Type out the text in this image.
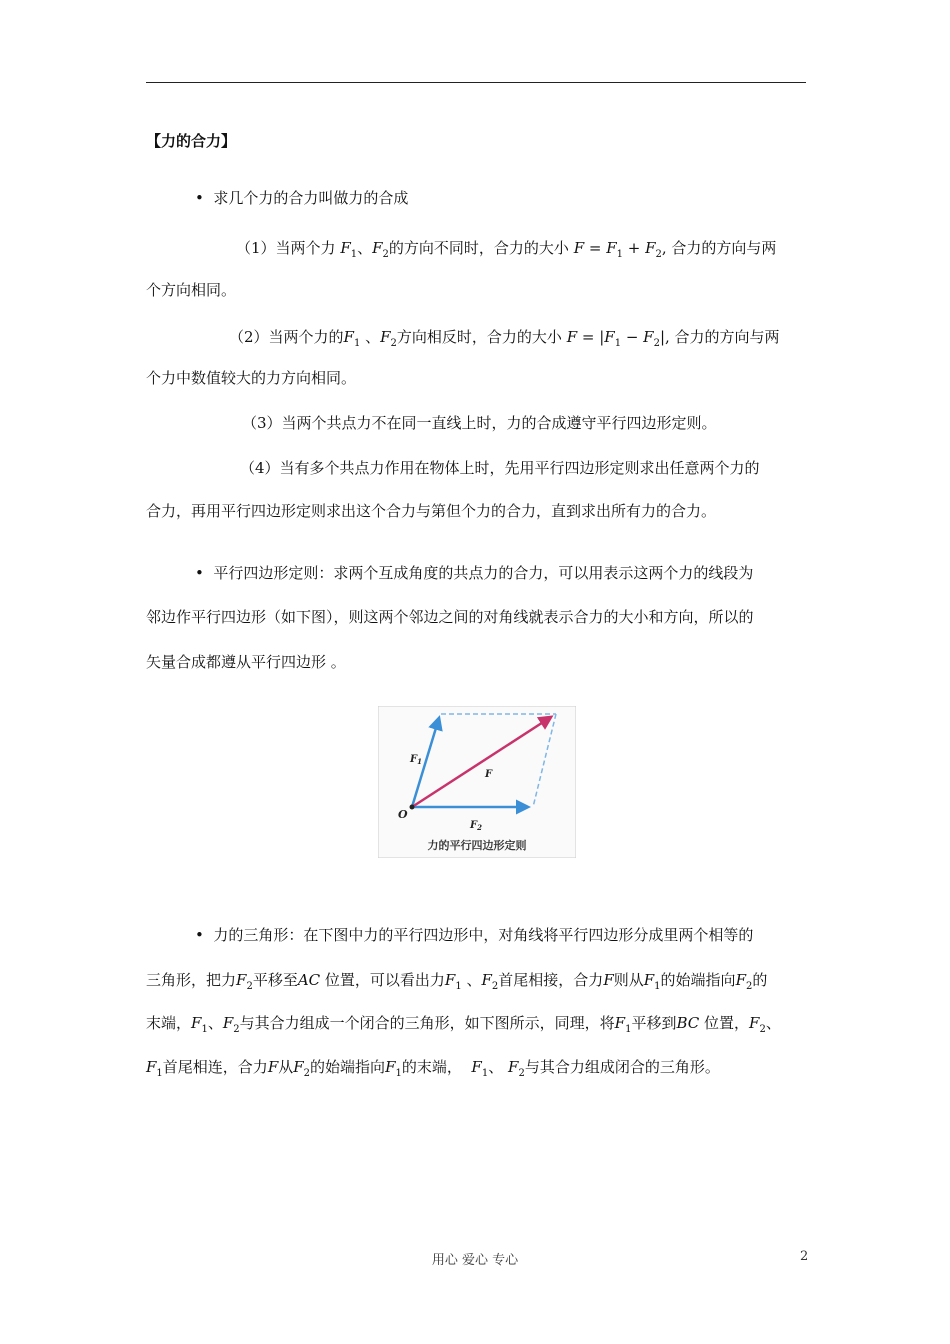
【力的合力】
•  求几个力的合力叫做力的合成
（1）当两个力 $F_1$、$F_2$的方向不同时，合力的大小 $F = F_1 + F_2$, 合力的方向与两
个方向相同。
（2）当两个力的$F_1$ 、$F_2$方向相反时，合力的大小 $F = |F_1 - F_2|$, 合力的方向与两
个力中数值较大的力方向相同。
（3）当两个共点力不在同一直线上时，力的合成遵守平行四边形定则。
（4）当有多个共点力作用在物体上时，先用平行四边形定则求出任意两个力的
合力，再用平行四边形定则求出这个合力与第但个力的合力，直到求出所有力的合力。
•  平行四边形定则：求两个互成角度的共点力的合力，可以用表示这两个力的线段为
邻边作平行四边形（如下图），则这两个邻边之间的对角线就表示合力的大小和方向，所以的
矢量合成都遵从平行四边形 。
$F_1$
F
O
$F_2$
力的平行四边形定则
•  力的三角形：在下图中力的平行四边形中，对角线将平行四边形分成里两个相等的
三角形，把力$F_2$平移至AC 位置，可以看出力$F_1$ 、$F_2$首尾相接，合力F则从$F_1$的始端指向$F_2$的
末端，$F_1$、$F_2$与其合力组成一个闭合的三角形，如下图所示，同理，将$F_1$平移到BC 位置，$F_2$、
$F_1$首尾相连，合力F从$F_2$的始端指向$F_1$的末端， $F_1$、 $F_2$与其合力组成闭合的三角形。
用心 爱心 专心	2
